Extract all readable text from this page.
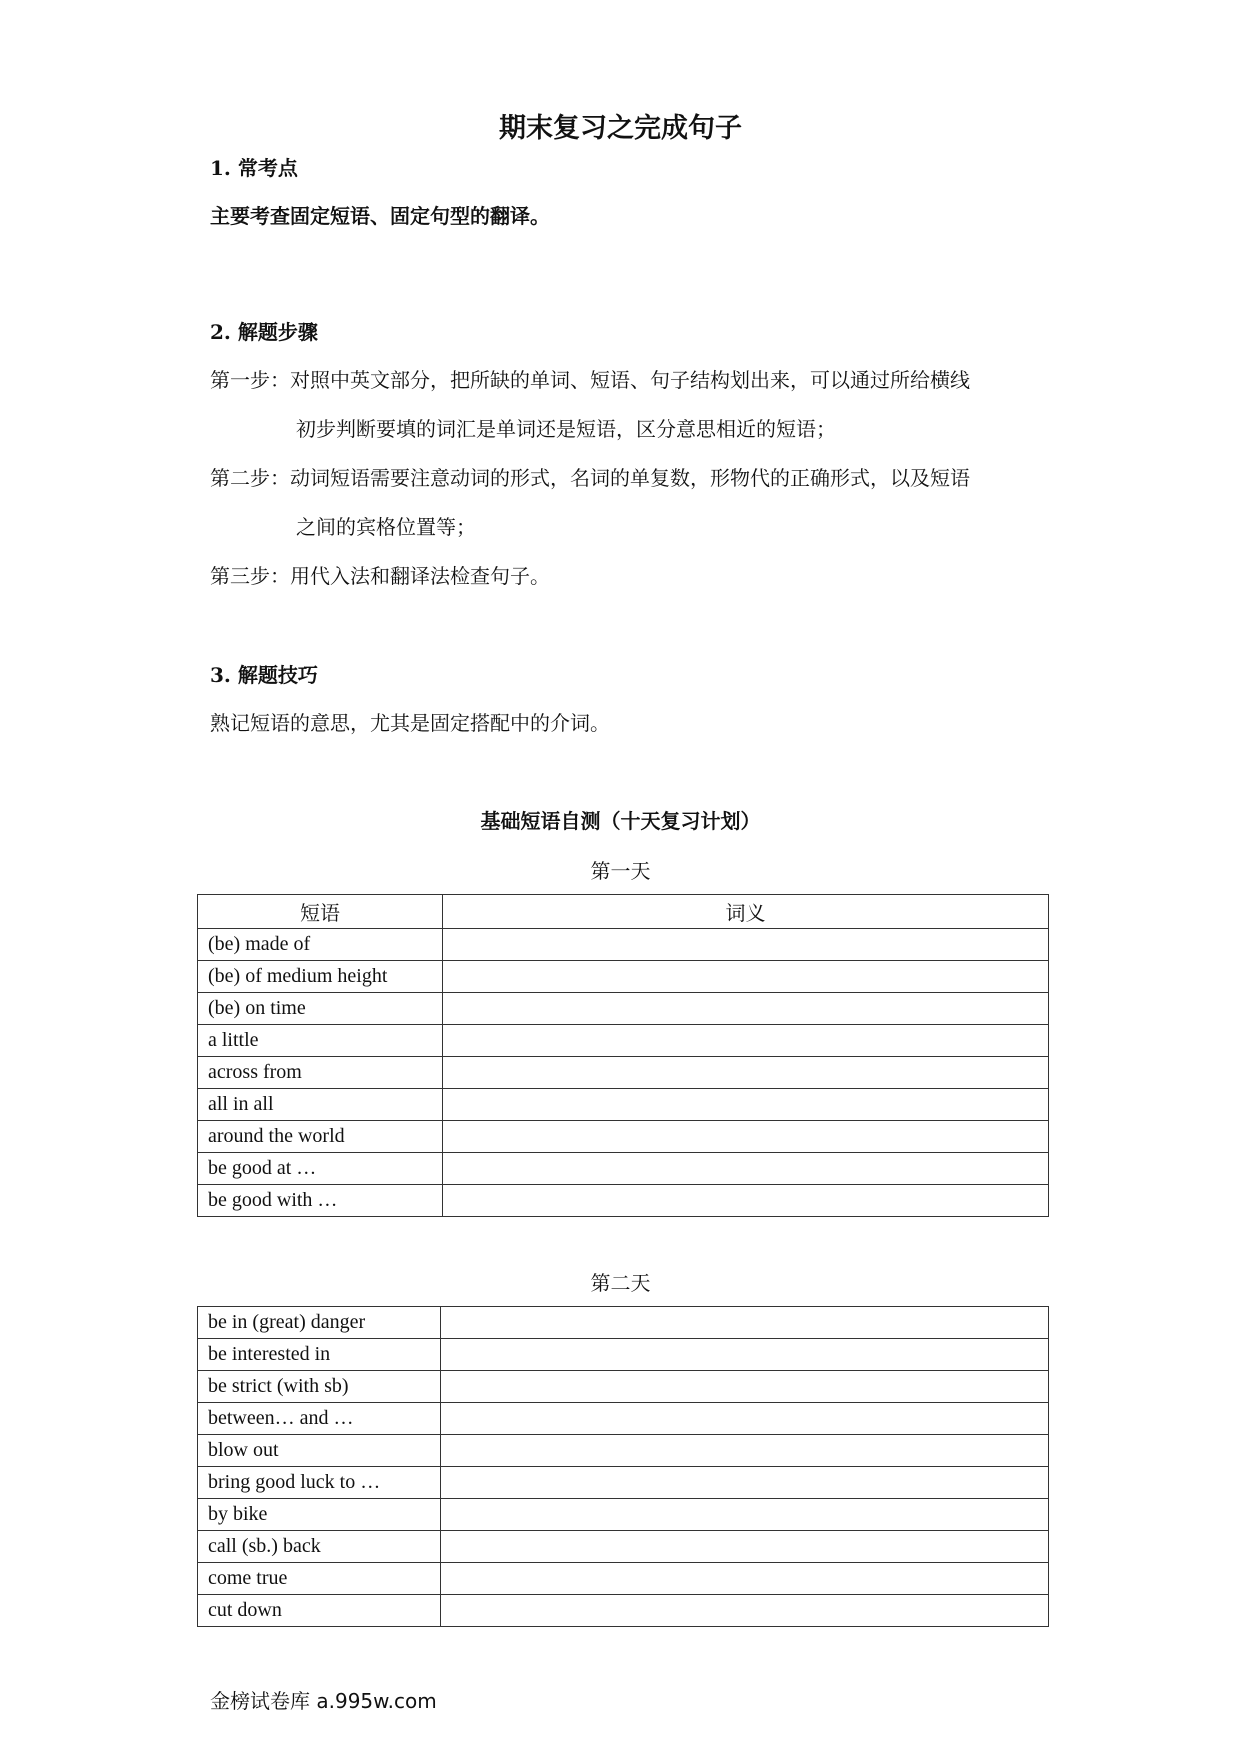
期末复习之完成句子
1. 常考点
主要考查固定短语、固定句型的翻译。
2. 解题步骤
第一步：对照中英文部分，把所缺的单词、短语、句子结构划出来，可以通过所给横线
初步判断要填的词汇是单词还是短语，区分意思相近的短语；
第二步：动词短语需要注意动词的形式，名词的单复数，形物代的正确形式，以及短语
之间的宾格位置等；
第三步：用代入法和翻译法检查句子。
3. 解题技巧
熟记短语的意思，尤其是固定搭配中的介词。
基础短语自测（十天复习计划）
第一天
短语	词义
(be) made of	
(be) of medium height	
(be) on time	
a little	
across from	
all in all	
around the world	
be good at …	
be good with …	
第二天
be in (great) danger	
be interested in	
be strict (with sb)	
between… and …	
blow out	
bring good luck to …	
by bike	
call (sb.) back	
come true	
cut down	
金榜试卷库 a.995w.com
